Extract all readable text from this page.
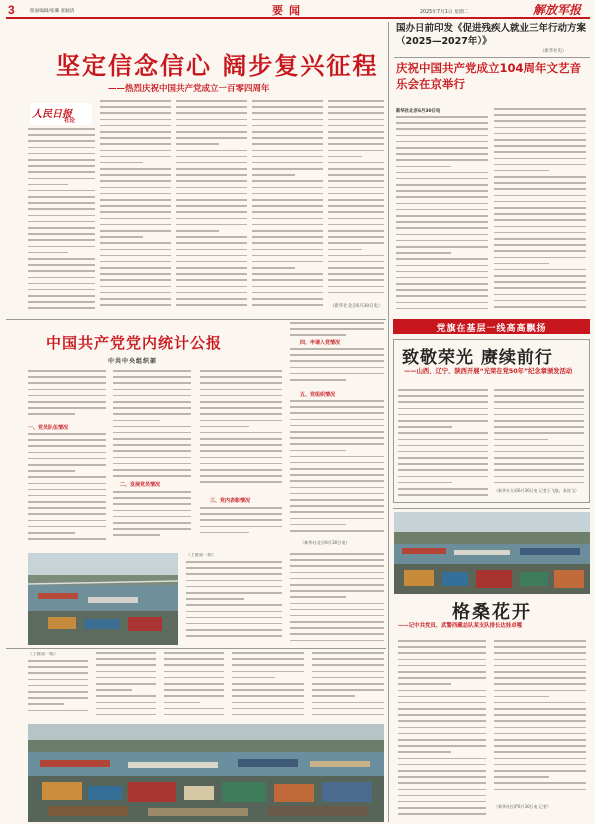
3	版面编辑/张璐 张颖清	要闻	2025年7月1日 星期二	解放军报
坚定信念信心 阔步复兴征程
——热烈庆祝中国共产党成立一百零四周年
人民日报
社论
（新华社北京6月30日电）
国办日前印发《促进残疾人就业三年行动方案（2025—2027年）》
（新华社电）
庆祝中国共产党成立104周年文艺音乐会在京举行
新华社北京6月30日电
党旗在基层一线高高飘扬
致敬荣光 赓续前行
——山西、辽宁、陕西开展“光荣在党50年”纪念章颁发活动
（新华社太原6月30日电 记者王飞航、张连飞）
中国共产党党内统计公报
中共中央组织部
一、党员队伍情况
二、发展党员情况
三、党内表彰情况
四、申请入党情况
五、党组织情况
（新华社北京6月30日电）
（上接第一版）
（上接第一版）
格桑花开
——记中共党员、武警西藏总队某支队排长达娃卓嘎
（新华社拉萨6月30日电 记者）
